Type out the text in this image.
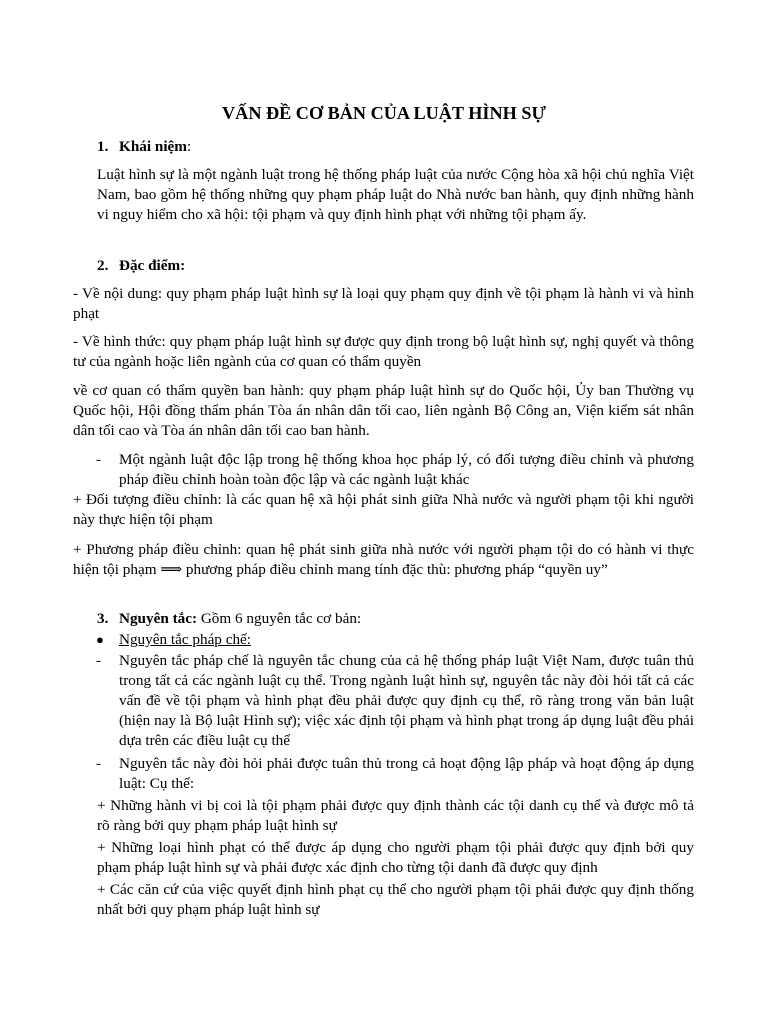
VẤN ĐỀ CƠ BẢN CỦA LUẬT HÌNH SỰ
1. Khái niệm:

Luật hình sự là một ngành luật trong hệ thống pháp luật của nước Cộng hòa xã hội chủ nghĩa Việt Nam, bao gồm hệ thống những quy phạm pháp luật do Nhà nước ban hành, quy định những hành vi nguy hiểm cho xã hội: tội phạm và quy định hình phạt với những tội phạm ấy.

2. Đặc điểm:

- Về nội dung: quy phạm pháp luật hình sự là loại quy phạm quy định về tội phạm là hành vi và hình phạt

- Về hình thức: quy phạm pháp luật hình sự được quy định trong bộ luật hình sự, nghị quyết và thông tư của ngành hoặc liên ngành của cơ quan có thẩm quyền

về cơ quan có thẩm quyền ban hành: quy phạm pháp luật hình sự do Quốc hội, Ủy ban Thường vụ Quốc hội, Hội đồng thẩm phán Tòa án nhân dân tối cao, liên ngành Bộ Công an, Viện kiểm sát nhân dân tối cao và Tòa án nhân dân tối cao ban hành.

- Một ngành luật độc lập trong hệ thống khoa học pháp lý, có đối tượng điều chỉnh và phương pháp điều chỉnh hoàn toàn độc lập và các ngành luật khác

+ Đối tượng điều chỉnh: là các quan hệ xã hội phát sinh giữa Nhà nước và người phạm tội khi người này thực hiện tội phạm

+ Phương pháp điều chỉnh: quan hệ phát sinh giữa nhà nước với người phạm tội do có hành vi thực hiện tội phạm ⟹ phương pháp điều chỉnh mang tính đặc thù: phương pháp “quyền uy”

3. Nguyên tắc: Gồm 6 nguyên tắc cơ bản:
● Nguyên tắc pháp chế:
- Nguyên tắc pháp chế là nguyên tắc chung của cả hệ thống pháp luật Việt Nam, được tuân thủ trong tất cả các ngành luật cụ thể. Trong ngành luật hình sự, nguyên tắc này đòi hỏi tất cả các vấn đề về tội phạm và hình phạt đều phải được quy định cụ thể, rõ ràng trong văn bản luật (hiện nay là Bộ luật Hình sự); việc xác định tội phạm và hình phạt trong áp dụng luật đều phải dựa trên các điều luật cụ thể
- Nguyên tắc này đòi hỏi phải được tuân thủ trong cả hoạt động lập pháp và hoạt động áp dụng luật: Cụ thể:

+ Những hành vi bị coi là tội phạm phải được quy định thành các tội danh cụ thể và được mô tả rõ ràng bởi quy phạm pháp luật hình sự

+ Những loại hình phạt có thể được áp dụng cho người phạm tội phải được quy định bởi quy phạm pháp luật hình sự và phải được xác định cho từng tội danh đã được quy định

+ Các căn cứ của việc quyết định hình phạt cụ thể cho người phạm tội phải được quy định thống nhất bởi quy phạm pháp luật hình sự
